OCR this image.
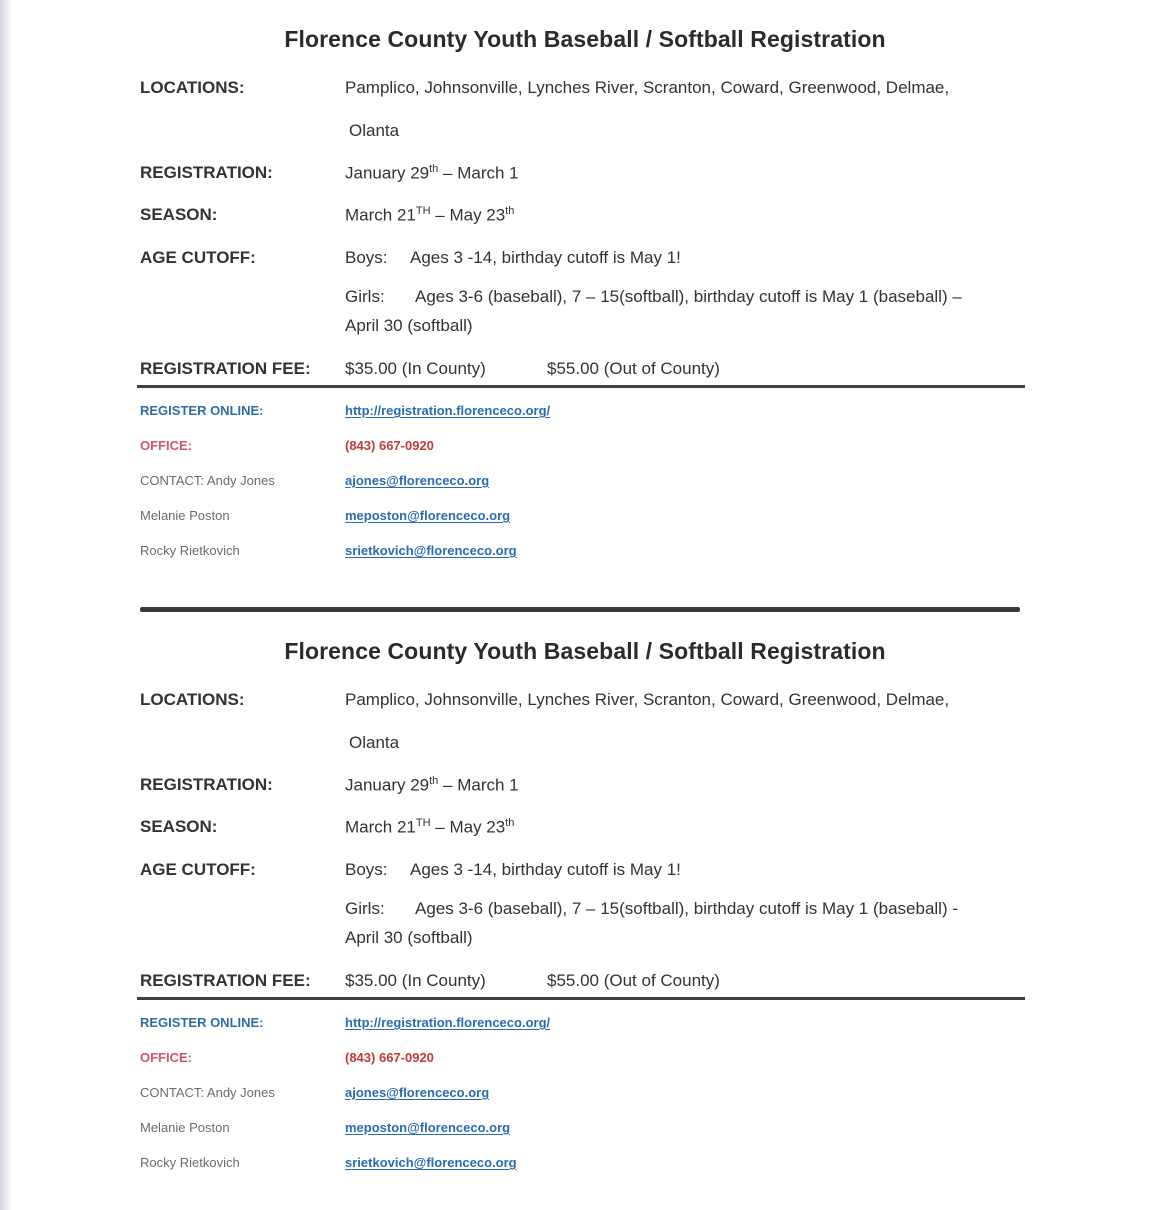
Florence County Youth Baseball / Softball Registration
LOCATIONS:	Pamplico, Johnsonville, Lynches River, Scranton, Coward, Greenwood, Delmae,
Olanta
REGISTRATION:	January 29th – March 1
SEASON:	March 21TH – May 23th
AGE CUTOFF:	Boys: Ages 3 -14, birthday cutoff is May 1!
Girls: Ages 3-6 (baseball), 7 – 15(softball), birthday cutoff is May 1 (baseball) –
April 30 (softball)
REGISTRATION FEE: $35.00 (In County)	$55.00 (Out of County)
REGISTER ONLINE:	http://registration.florenceco.org/
OFFICE:	(843) 667-0920
CONTACT: Andy Jones	ajones@florenceco.org
Melanie Poston	meposton@florenceco.org
Rocky Rietkovich	srietkovich@florenceco.org
Florence County Youth Baseball / Softball Registration
LOCATIONS:	Pamplico, Johnsonville, Lynches River, Scranton, Coward, Greenwood, Delmae,
Olanta
REGISTRATION:	January 29th – March 1
SEASON:	March 21TH – May 23th
AGE CUTOFF:	Boys: Ages 3 -14, birthday cutoff is May 1!
Girls: Ages 3-6 (baseball), 7 – 15(softball), birthday cutoff is May 1 (baseball) -
April 30 (softball)
REGISTRATION FEE: $35.00 (In County)	$55.00 (Out of County)
REGISTER ONLINE:	http://registration.florenceco.org/
OFFICE:	(843) 667-0920
CONTACT: Andy Jones	ajones@florenceco.org
Melanie Poston	meposton@florenceco.org
Rocky Rietkovich	srietkovich@florenceco.org
